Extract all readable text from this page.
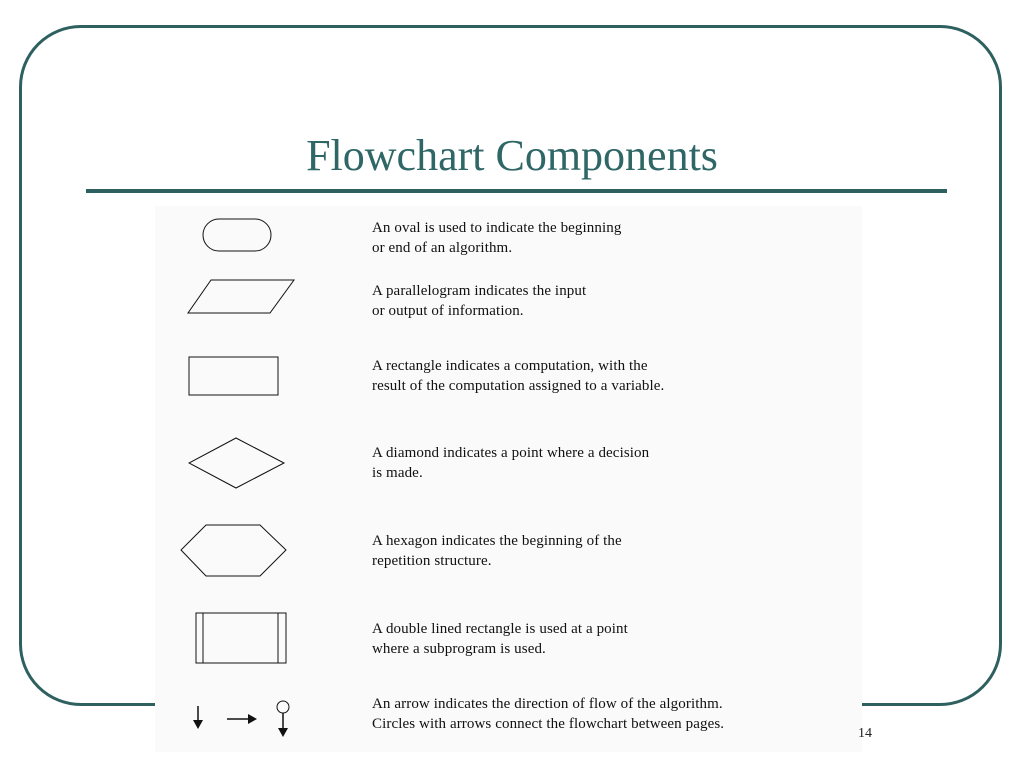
Flowchart Components
An oval is used to indicate the beginning
or end of an algorithm.
A parallelogram indicates the input
or output of information.
A rectangle indicates a computation, with the
result of the computation assigned to a variable.
A diamond indicates a point where a decision
is made.
A hexagon indicates the beginning of the
repetition structure.
A double lined rectangle is used at a point
where a subprogram is used.
An arrow indicates the direction of flow of the algorithm.
Circles with arrows connect the flowchart between pages.
14
